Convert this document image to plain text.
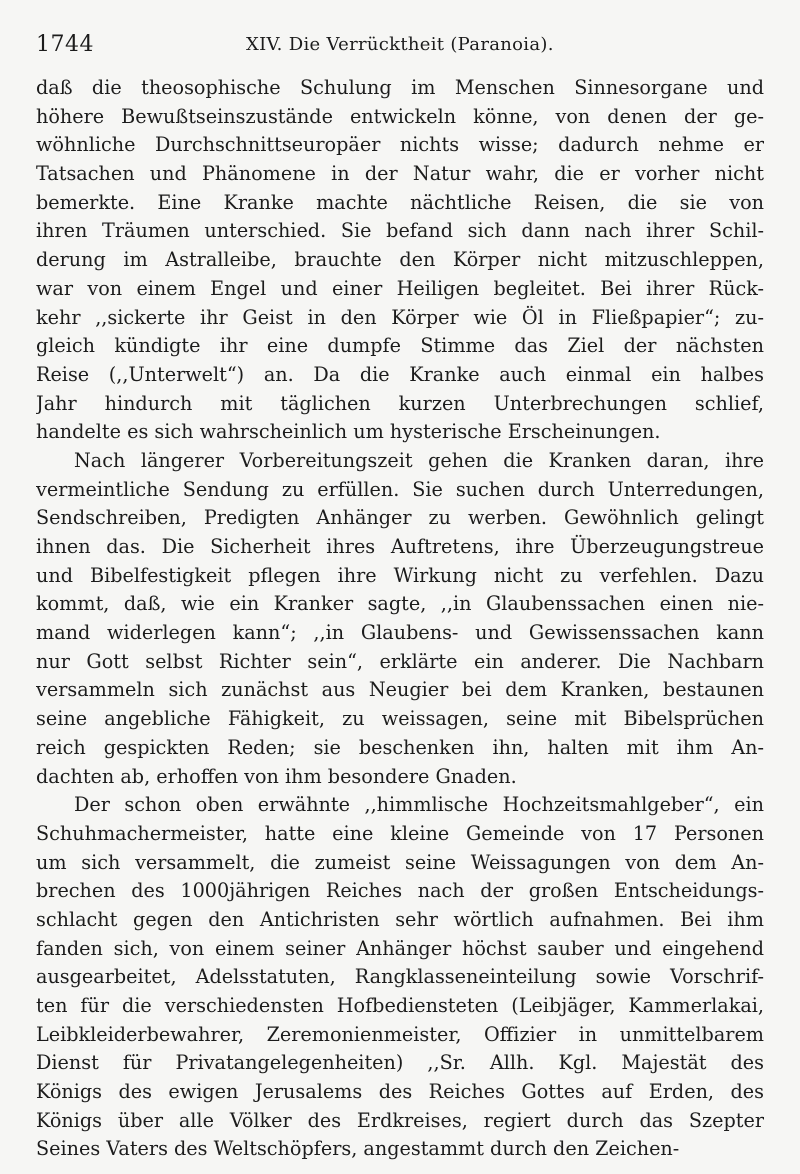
1744	XIV. Die Verrücktheit (Paranoia).
daß die theosophische Schulung im Menschen Sinnesorgane und
höhere Bewußtseinszustände entwickeln könne, von denen der ge-
wöhnliche Durchschnittseuropäer nichts wisse; dadurch nehme er
Tatsachen und Phänomene in der Natur wahr, die er vorher nicht
bemerkte. Eine Kranke machte nächtliche Reisen, die sie von
ihren Träumen unterschied. Sie befand sich dann nach ihrer Schil-
derung im Astralleibe, brauchte den Körper nicht mitzuschleppen,
war von einem Engel und einer Heiligen begleitet. Bei ihrer Rück-
kehr ,,sickerte ihr Geist in den Körper wie Öl in Fließpapier“; zu-
gleich kündigte ihr eine dumpfe Stimme das Ziel der nächsten
Reise (,,Unterwelt“) an. Da die Kranke auch einmal ein halbes
Jahr hindurch mit täglichen kurzen Unterbrechungen schlief,
handelte es sich wahrscheinlich um hysterische Erscheinungen.
Nach längerer Vorbereitungszeit gehen die Kranken daran, ihre
vermeintliche Sendung zu erfüllen. Sie suchen durch Unterredungen,
Sendschreiben, Predigten Anhänger zu werben. Gewöhnlich gelingt
ihnen das. Die Sicherheit ihres Auftretens, ihre Überzeugungstreue
und Bibelfestigkeit pflegen ihre Wirkung nicht zu verfehlen. Dazu
kommt, daß, wie ein Kranker sagte, ,,in Glaubenssachen einen nie-
mand widerlegen kann“; ,,in Glaubens- und Gewissenssachen kann
nur Gott selbst Richter sein“, erklärte ein anderer. Die Nachbarn
versammeln sich zunächst aus Neugier bei dem Kranken, bestaunen
seine angebliche Fähigkeit, zu weissagen, seine mit Bibelsprüchen
reich gespickten Reden; sie beschenken ihn, halten mit ihm An-
dachten ab, erhoffen von ihm besondere Gnaden.
Der schon oben erwähnte ,,himmlische Hochzeitsmahlgeber“, ein
Schuhmachermeister, hatte eine kleine Gemeinde von 17 Personen
um sich versammelt, die zumeist seine Weissagungen von dem An-
brechen des 1000jährigen Reiches nach der großen Entscheidungs-
schlacht gegen den Antichristen sehr wörtlich aufnahmen. Bei ihm
fanden sich, von einem seiner Anhänger höchst sauber und eingehend
ausgearbeitet, Adelsstatuten, Rangklasseneinteilung sowie Vorschrif-
ten für die verschiedensten Hofbediensteten (Leibjäger, Kammerlakai,
Leibkleiderbewahrer, Zeremonienmeister, Offizier in unmittelbarem
Dienst für Privatangelegenheiten) ,,Sr. Allh. Kgl. Majestät des
Königs des ewigen Jerusalems des Reiches Gottes auf Erden, des
Königs über alle Völker des Erdkreises, regiert durch das Szepter
Seines Vaters des Weltschöpfers, angestammt durch den Zeichen-
